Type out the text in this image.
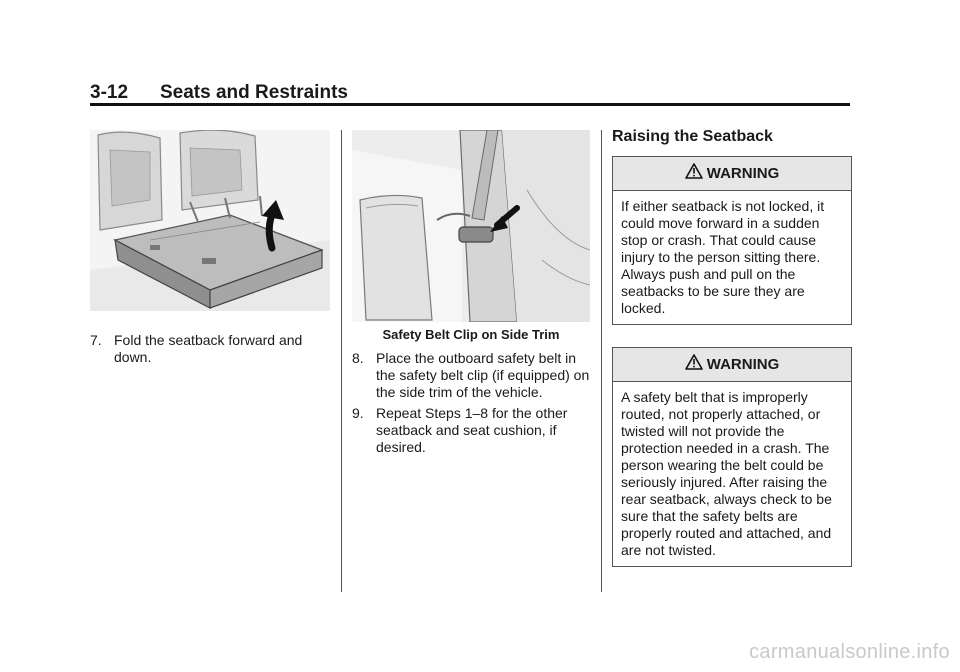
3-12 Seats and Restraints
7. Fold the seatback forward and down.
Safety Belt Clip on Side Trim
8. Place the outboard safety belt in the safety belt clip (if equipped) on the side trim of the vehicle.
9. Repeat Steps 1–8 for the other seatback and seat cushion, if desired.
Raising the Seatback
WARNING
If either seatback is not locked, it could move forward in a sudden stop or crash. That could cause injury to the person sitting there. Always push and pull on the seatbacks to be sure they are locked.
WARNING
A safety belt that is improperly routed, not properly attached, or twisted will not provide the protection needed in a crash. The person wearing the belt could be seriously injured. After raising the rear seatback, always check to be sure that the safety belts are properly routed and attached, and are not twisted.
carmanualsonline.info
